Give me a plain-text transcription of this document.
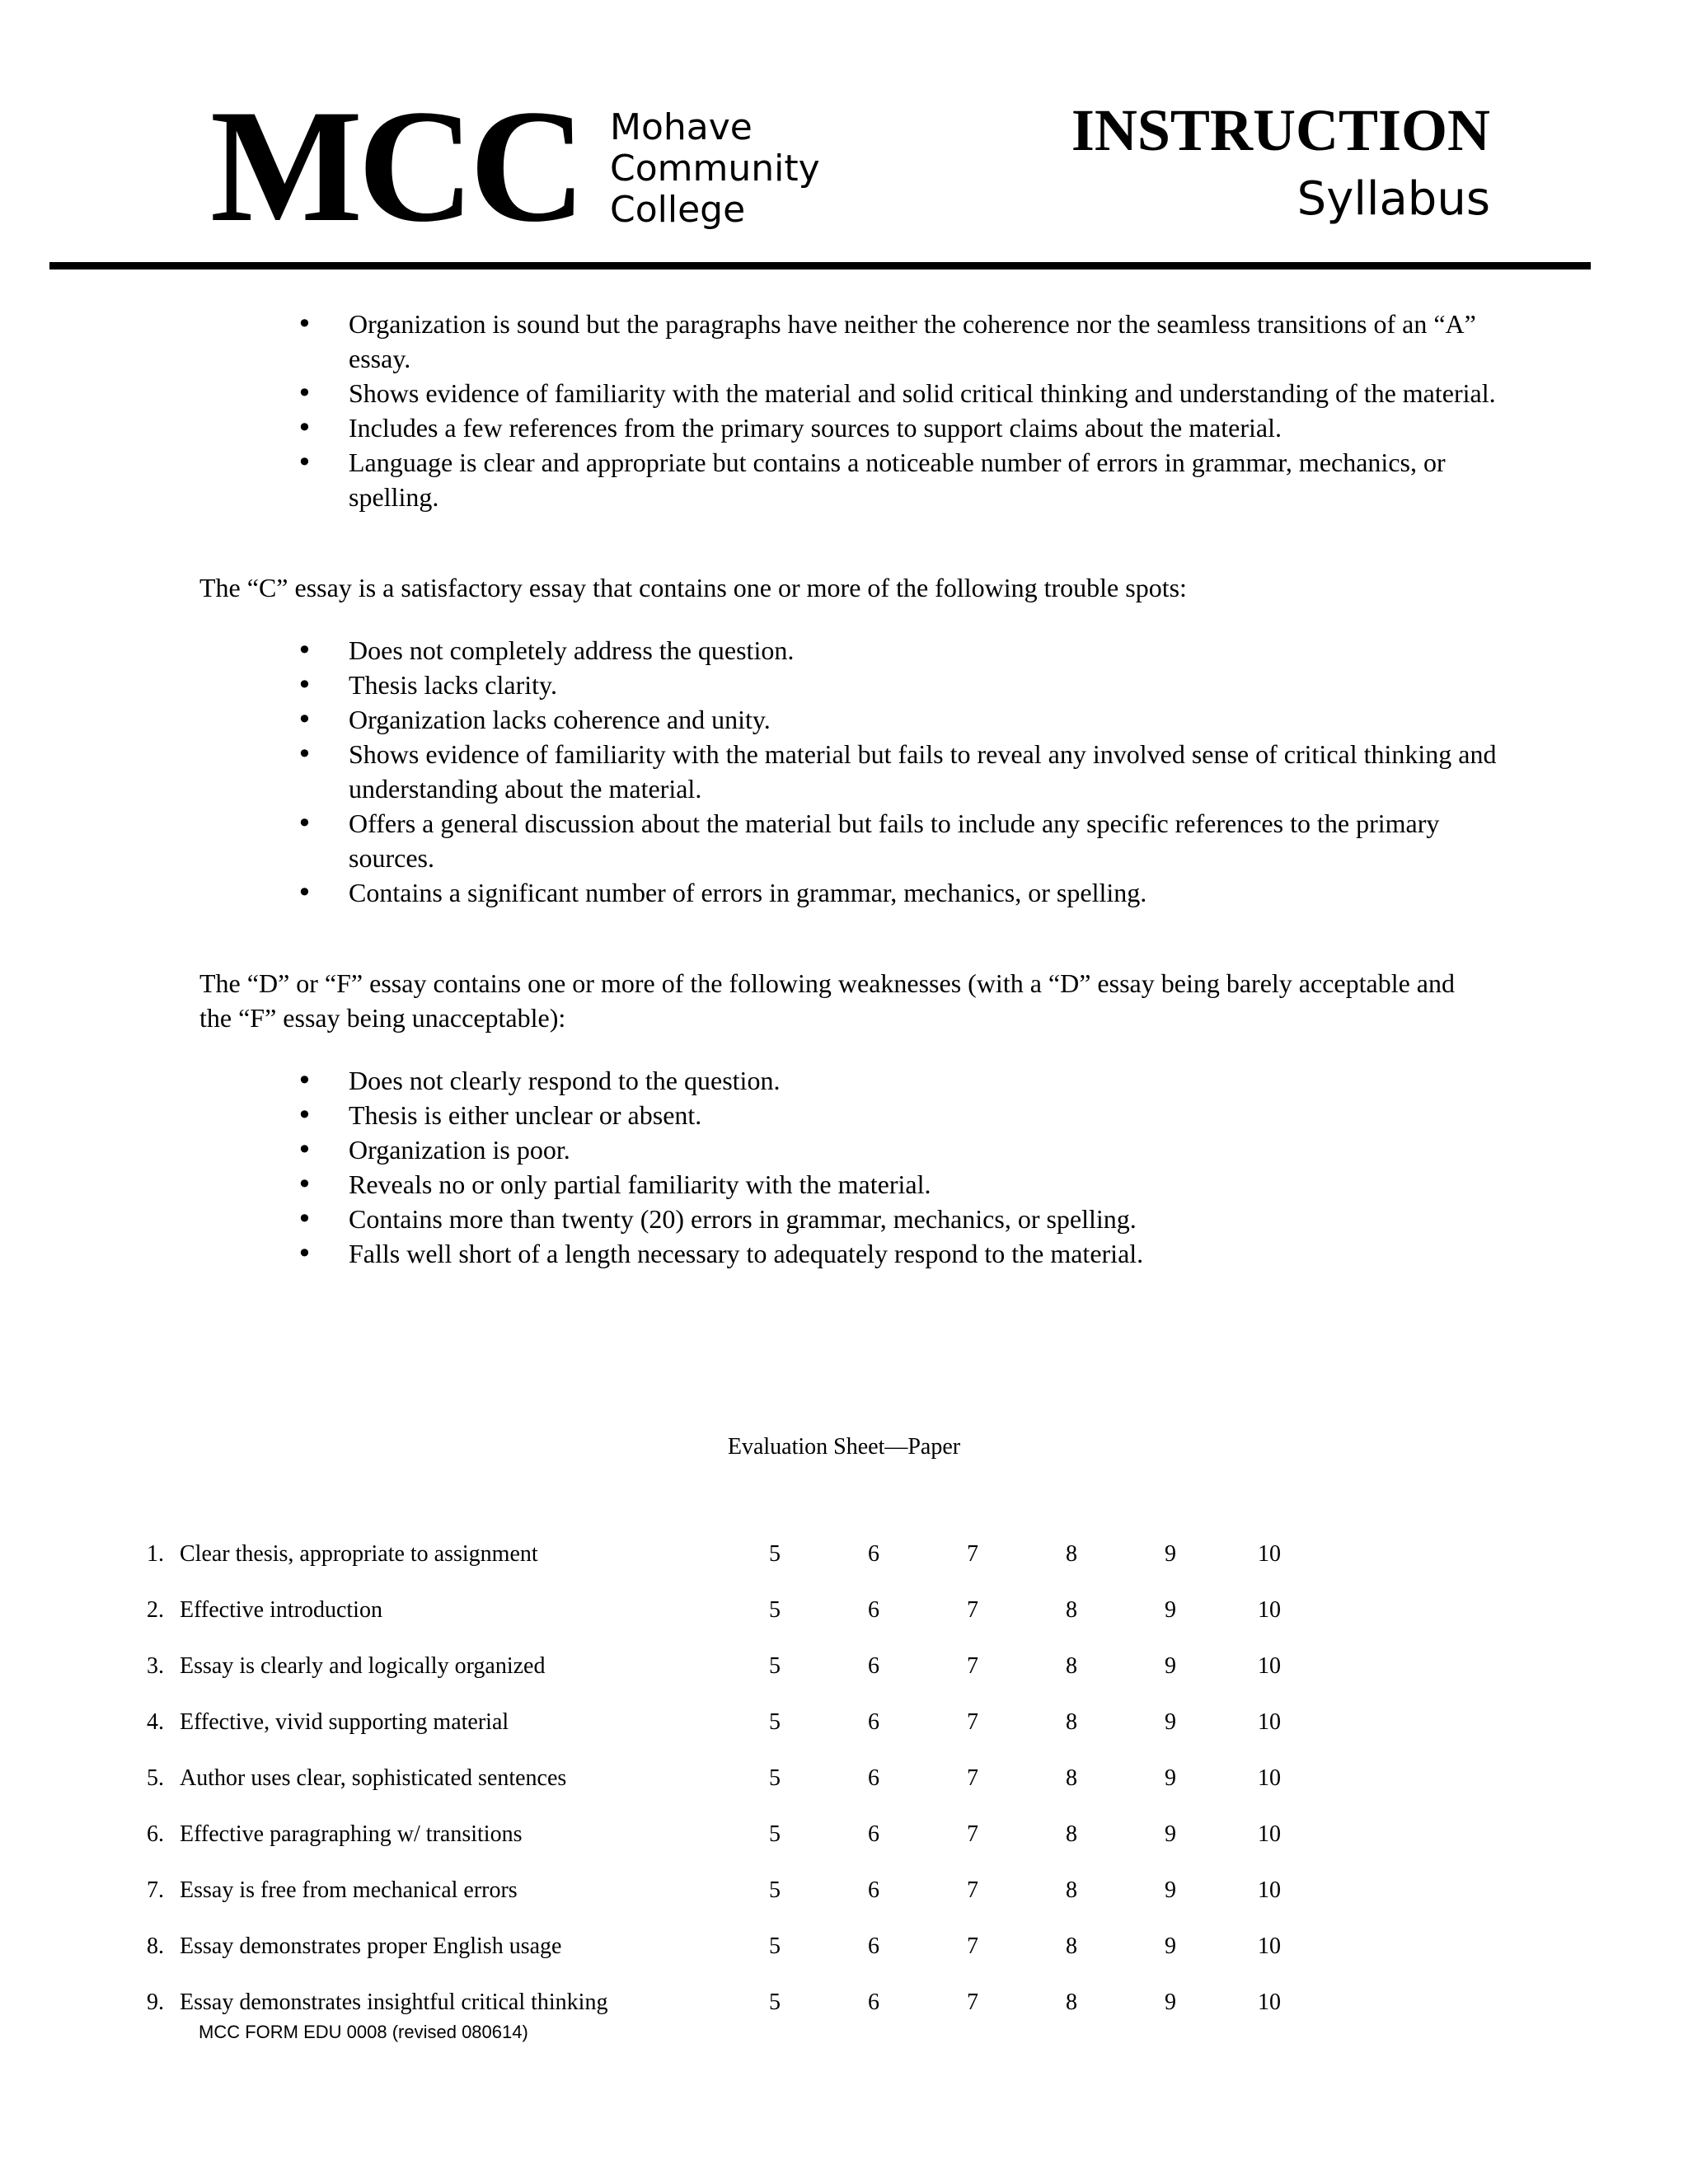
MCC Mohave
Community
College
INSTRUCTION
Syllabus
• Organization is sound but the paragraphs have neither the coherence nor the seamless transitions of an “A” essay.
• Shows evidence of familiarity with the material and solid critical thinking and understanding of the material.
• Includes a few references from the primary sources to support claims about the material.
• Language is clear and appropriate but contains a noticeable number of errors in grammar, mechanics, or spelling.

The “C” essay is a satisfactory essay that contains one or more of the following trouble spots:

• Does not completely address the question.
• Thesis lacks clarity.
• Organization lacks coherence and unity.
• Shows evidence of familiarity with the material but fails to reveal any involved sense of critical thinking and understanding about the material.
• Offers a general discussion about the material but fails to include any specific references to the primary sources.
• Contains a significant number of errors in grammar, mechanics, or spelling.

The “D” or “F” essay contains one or more of the following weaknesses (with a “D” essay being barely acceptable and the “F” essay being unacceptable):

• Does not clearly respond to the question.
• Thesis is either unclear or absent.
• Organization is poor.
• Reveals no or only partial familiarity with the material.
• Contains more than twenty (20) errors in grammar, mechanics, or spelling.
• Falls well short of a length necessary to adequately respond to the material.
Evaluation Sheet—Paper
1. Clear thesis, appropriate to assignment	5	6	7	8	9	10
2. Effective introduction	5	6	7	8	9	10
3. Essay is clearly and logically organized	5	6	7	8	9	10
4. Effective, vivid supporting material	5	6	7	8	9	10
5. Author uses clear, sophisticated sentences	5	6	7	8	9	10
6. Effective paragraphing w/ transitions	5	6	7	8	9	10
7. Essay is free from mechanical errors	5	6	7	8	9	10
8. Essay demonstrates proper English usage	5	6	7	8	9	10
9. Essay demonstrates insightful critical thinking	5	6	7	8	9	10
MCC FORM EDU 0008 (revised 080614)
